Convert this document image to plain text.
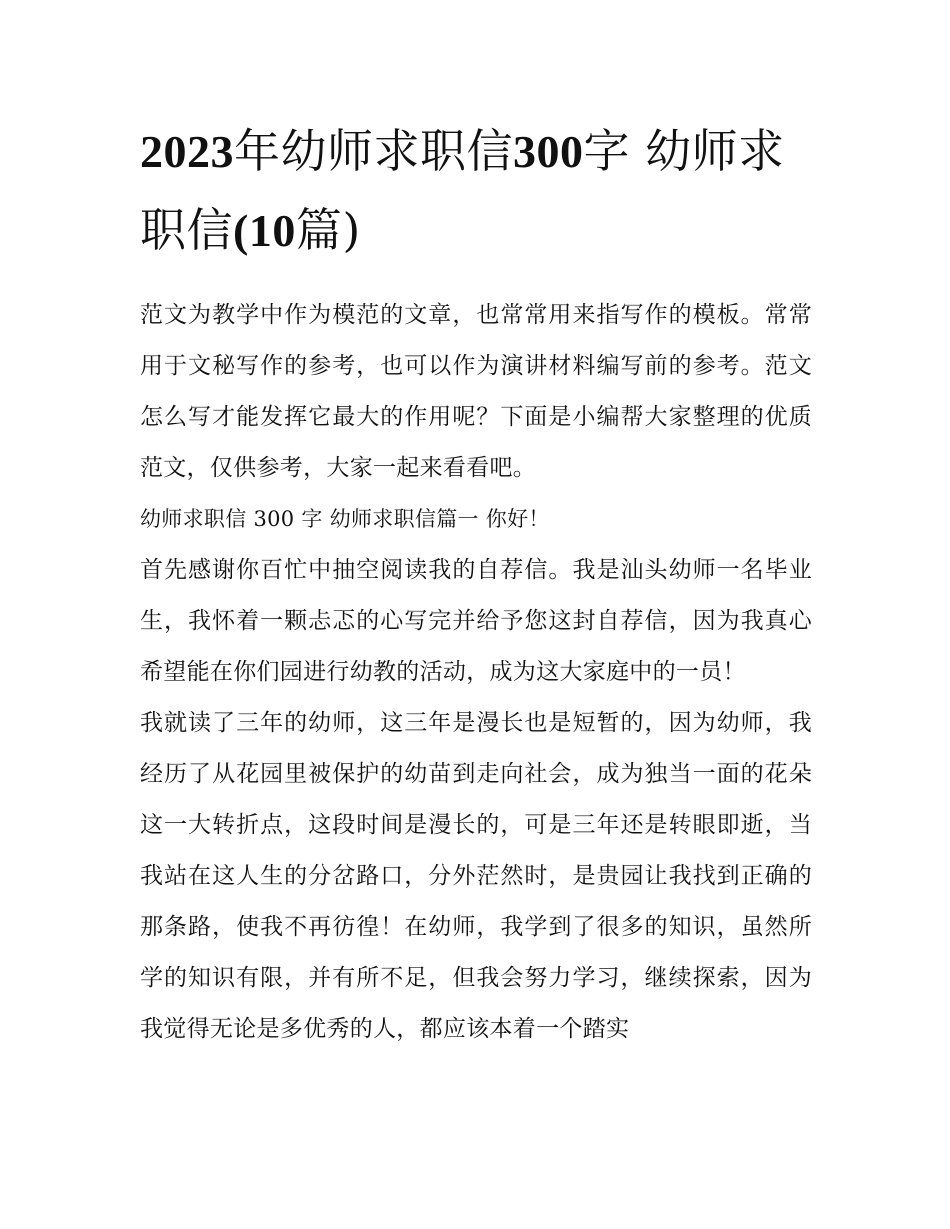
2023年幼师求职信300字 幼师求职信(10篇)

范文为教学中作为模范的文章，也常常用来指写作的模板。常常用于文秘写作的参考，也可以作为演讲材料编写前的参考。范文怎么写才能发挥它最大的作用呢？下面是小编帮大家整理的优质范文，仅供参考，大家一起来看看吧。

幼师求职信 300 字 幼师求职信篇一 你好！

首先感谢你百忙中抽空阅读我的自荐信。我是汕头幼师一名毕业生，我怀着一颗忐忑的心写完并给予您这封自荐信，因为我真心希望能在你们园进行幼教的活动，成为这大家庭中的一员！

我就读了三年的幼师，这三年是漫长也是短暂的，因为幼师，我经历了从花园里被保护的幼苗到走向社会，成为独当一面的花朵这一大转折点，这段时间是漫长的，可是三年还是转眼即逝，当我站在这人生的分岔路口，分外茫然时，是贵园让我找到正确的那条路，使我不再彷徨！在幼师，我学到了很多的知识，虽然所学的知识有限，并有所不足，但我会努力学习，继续探索，因为我觉得无论是多优秀的人，都应该本着一个踏实
